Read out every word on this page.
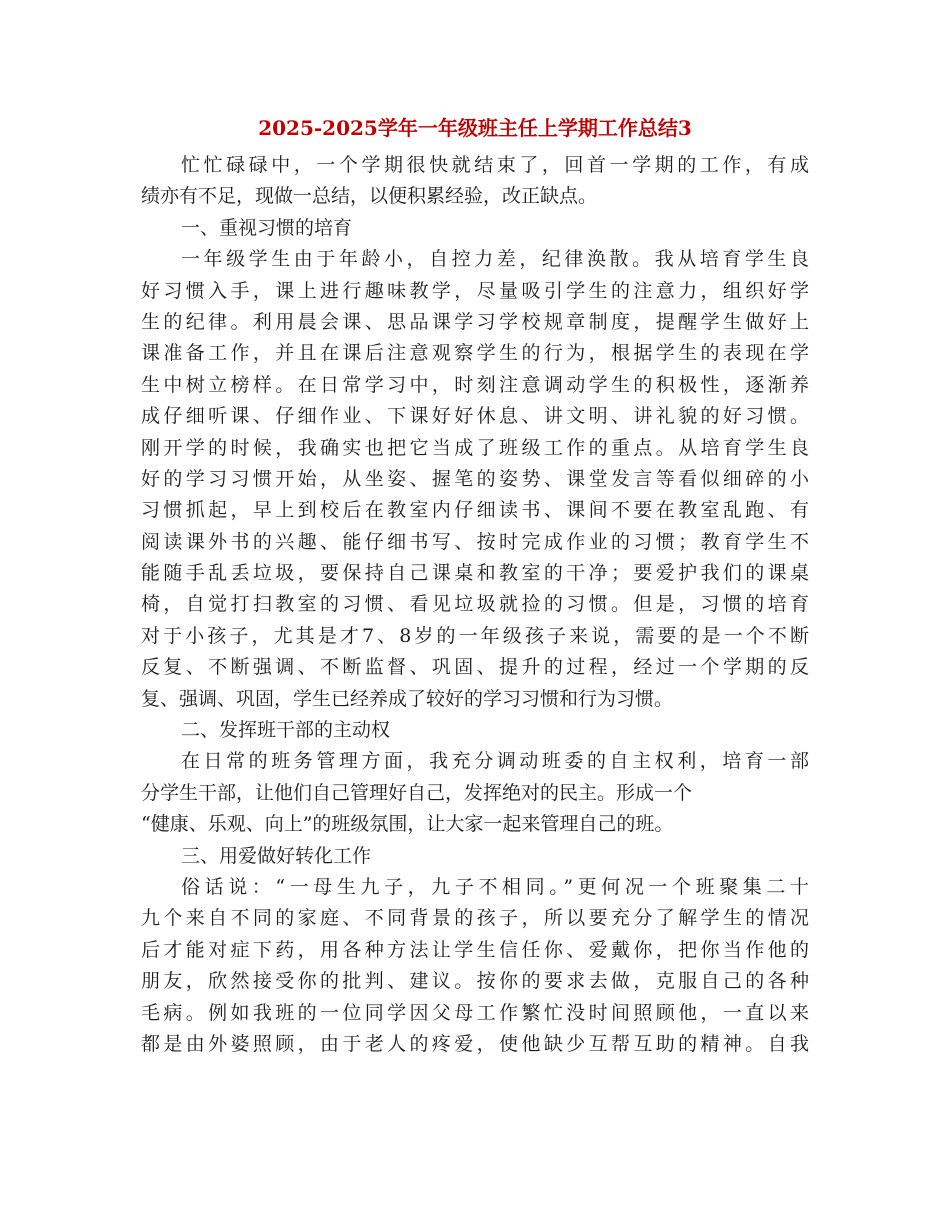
2025-2025学年一年级班主任上学期工作总结3
忙忙碌碌中，一个学期很快就结束了，回首一学期的工作，有成
绩亦有不足，现做一总结，以便积累经验，改正缺点。
一、重视习惯的培育
一年级学生由于年龄小，自控力差，纪律涣散。我从培育学生良
好习惯入手，课上进行趣味教学，尽量吸引学生的注意力，组织好学
生的纪律。利用晨会课、思品课学习学校规章制度，提醒学生做好上
课准备工作，并且在课后注意观察学生的行为，根据学生的表现在学
生中树立榜样。在日常学习中，时刻注意调动学生的积极性，逐渐养
成仔细听课、仔细作业、下课好好休息、讲文明、讲礼貌的好习惯。
刚开学的时候，我确实也把它当成了班级工作的重点。从培育学生良
好的学习习惯开始，从坐姿、握笔的姿势、课堂发言等看似细碎的小
习惯抓起，早上到校后在教室内仔细读书、课间不要在教室乱跑、有
阅读课外书的兴趣、能仔细书写、按时完成作业的习惯；教育学生不
能随手乱丢垃圾，要保持自己课桌和教室的干净；要爱护我们的课桌
椅，自觉打扫教室的习惯、看见垃圾就捡的习惯。但是，习惯的培育
对于小孩子，尤其是才7、8岁的一年级孩子来说，需要的是一个不断
反复、不断强调、不断监督、巩固、提升的过程，经过一个学期的反
复、强调、巩固，学生已经养成了较好的学习习惯和行为习惯。
二、发挥班干部的主动权
在日常的班务管理方面，我充分调动班委的自主权利，培育一部
分学生干部，让他们自己管理好自己，发挥绝对的民主。形成一个
“健康、乐观、向上”的班级氛围，让大家一起来管理自己的班。
三、用爱做好转化工作
俗话说：“一母生九子，九子不相同。”更何况一个班聚集二十
九个来自不同的家庭、不同背景的孩子，所以要充分了解学生的情况
后才能对症下药，用各种方法让学生信任你、爱戴你，把你当作他的
朋友，欣然接受你的批判、建议。按你的要求去做，克服自己的各种
毛病。例如我班的一位同学因父母工作繁忙没时间照顾他，一直以来
都是由外婆照顾，由于老人的疼爱，使他缺少互帮互助的精神。自我
